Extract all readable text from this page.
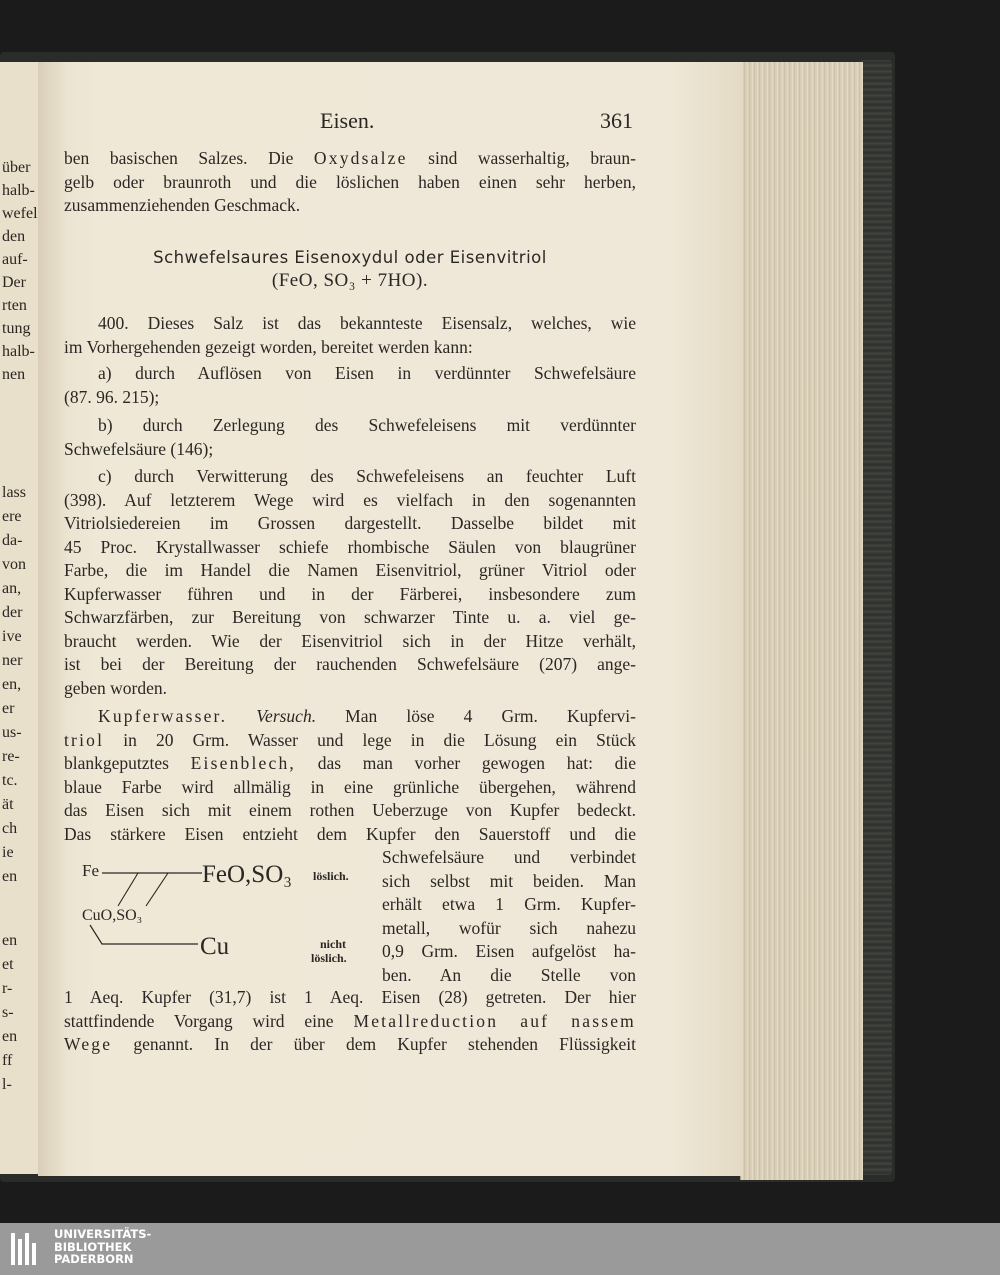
über
halb-
wefel
den
auf-
Der
rten
tung
halb-
nen
lass
ere
da-
von
an,
der
ive
ner
en,
er
us-
re-
tc.
ät
ch
ie
en
en
et
r-
s-
en
ff
l-
Eisen.	361
ben basischen Salzes. Die Oxydsalze sind wasserhaltig, braun-
gelb oder braunroth und die löslichen haben einen sehr herben,
zusammenziehenden Geschmack.
Schwefelsaures Eisenoxydul oder Eisenvitriol
(FeO, SO₃ + 7HO).
400. Dieses Salz ist das bekannteste Eisensalz, welches, wie
im Vorhergehenden gezeigt worden, bereitet werden kann:
a) durch Auflösen von Eisen in verdünnter Schwefelsäure
(87. 96. 215);
b) durch Zerlegung des Schwefeleisens mit verdünnter
Schwefelsäure (146);
c) durch Verwitterung des Schwefeleisens an feuchter Luft
(398). Auf letzterem Wege wird es vielfach in den sogenannten
Vitriolsiedereien im Grossen dargestellt. Dasselbe bildet mit
45 Proc. Krystallwasser schiefe rhombische Säulen von blaugrüner
Farbe, die im Handel die Namen Eisenvitriol, grüner Vitriol oder
Kupferwasser führen und in der Färberei, insbesondere zum
Schwarzfärben, zur Bereitung von schwarzer Tinte u. a. viel ge-
braucht werden. Wie der Eisenvitriol sich in der Hitze verhält,
ist bei der Bereitung der rauchenden Schwefelsäure (207) ange-
geben worden.
Kupferwasser. Versuch. Man löse 4 Grm. Kupfervi-
triol in 20 Grm. Wasser und lege in die Lösung ein Stück
blankgeputztes Eisenblech, das man vorher gewogen hat: die
blaue Farbe wird allmälig in eine grünliche übergehen, während
das Eisen sich mit einem rothen Ueberzuge von Kupfer bedeckt.
Das stärkere Eisen entzieht dem Kupfer den Sauerstoff und die
Schwefelsäure und verbindet
sich selbst mit beiden. Man
erhält etwa 1 Grm. Kupfer-
metall, wofür sich nahezu
0,9 Grm. Eisen aufgelöst ha-
ben. An die Stelle von
Fe	FeO,SO₃ löslich.
CuO,SO₃
Cu	nicht
löslich.
1 Aeq. Kupfer (31,7) ist 1 Aeq. Eisen (28) getreten. Der hier
stattfindende Vorgang wird eine Metallreduction auf nassem
Wege genannt. In der über dem Kupfer stehenden Flüssigkeit
UNIVERSITÄTS-
BIBLIOTHEK
PADERBORN
